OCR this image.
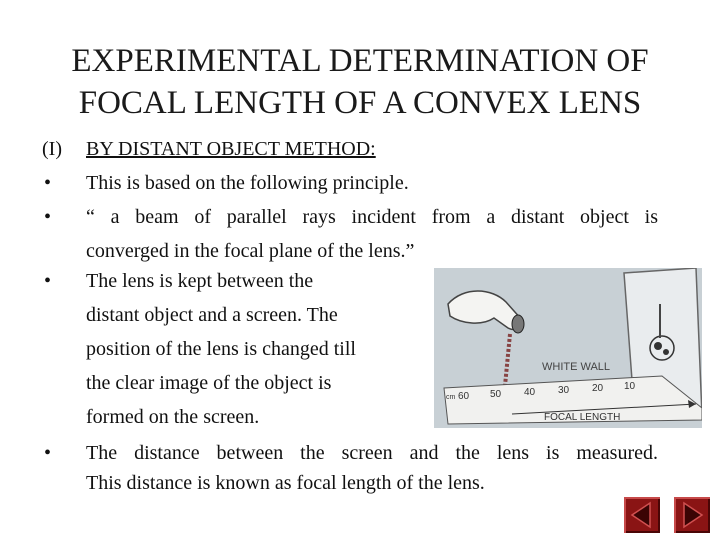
EXPERIMENTAL DETERMINATION OF
FOCAL LENGTH OF A CONVEX LENS
(I) BY DISTANT OBJECT METHOD:
• This is based on the following principle.
• “ a beam of parallel rays incident from a distant object is
converged in the focal plane of the lens.”
• The lens is kept between the
distant object and a screen. The
position of the lens is changed till
the clear image of the object is
formed on the screen.
• The distance between the screen and the lens is measured.
This distance is known as focal length of the lens.
WHITE WALL
cm 60 50 40 30 20 10
FOCAL LENGTH
